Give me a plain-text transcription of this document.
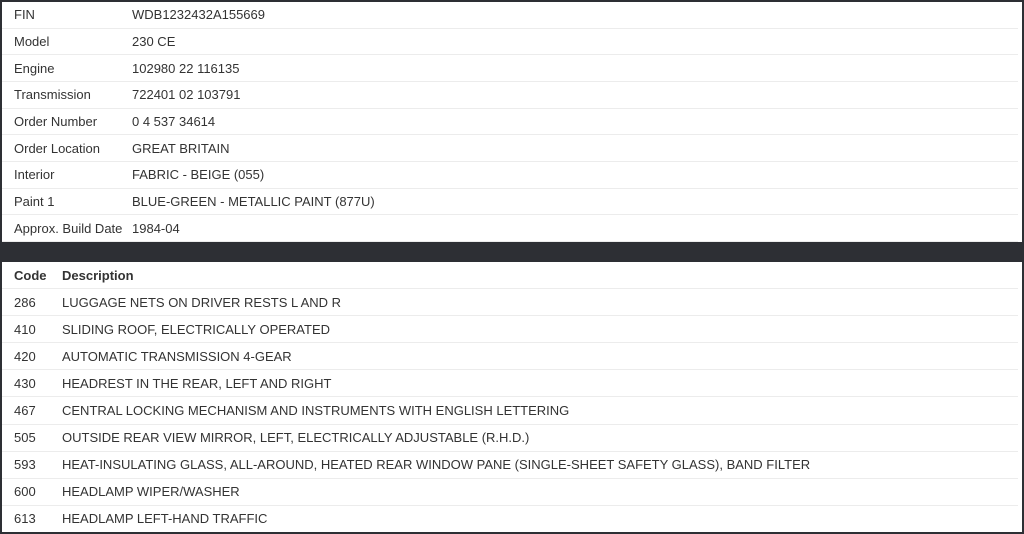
FIN	WDB1232432A155669
Model	230 CE
Engine	102980 22 116135
Transmission	722401 02 103791
Order Number	0 4 537 34614
Order Location	GREAT BRITAIN
Interior	FABRIC - BEIGE (055)
Paint 1	BLUE-GREEN - METALLIC PAINT (877U)
Approx. Build Date 1984-04
Code	Description
286	LUGGAGE NETS ON DRIVER RESTS L AND R
410	SLIDING ROOF, ELECTRICALLY OPERATED
420	AUTOMATIC TRANSMISSION 4-GEAR
430	HEADREST IN THE REAR, LEFT AND RIGHT
467	CENTRAL LOCKING MECHANISM AND INSTRUMENTS WITH ENGLISH LETTERING
505	OUTSIDE REAR VIEW MIRROR, LEFT, ELECTRICALLY ADJUSTABLE (R.H.D.)
593	HEAT-INSULATING GLASS, ALL-AROUND, HEATED REAR WINDOW PANE (SINGLE-SHEET SAFETY GLASS), BAND FILTER
600	HEADLAMP WIPER/WASHER
613	HEADLAMP LEFT-HAND TRAFFIC
